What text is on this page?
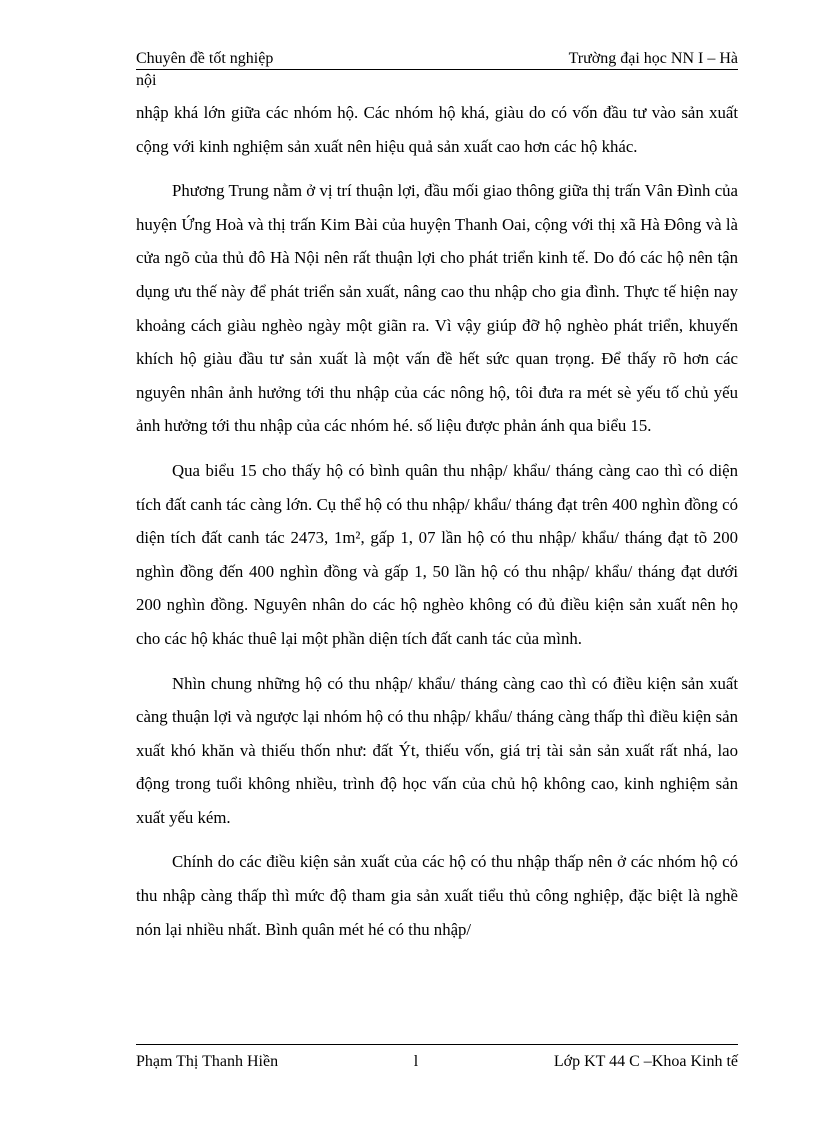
Chuyên đề tốt nghiệp	Trường đại học NN I – Hà
nội

nhập khá lớn giữa các nhóm hộ. Các nhóm hộ khá, giàu do có vốn đầu tư vào sản xuất cộng với kinh nghiệm sản xuất nên hiệu quả sản xuất cao hơn các hộ khác.

Phương Trung nằm ở vị trí thuận lợi, đầu mối giao thông giữa thị trấn Vân Đình của huyện Ứng Hoà và thị trấn Kim Bài của huyện Thanh Oai, cộng với thị xã Hà Đông và là cửa ngõ của thủ đô Hà Nội nên rất thuận lợi cho phát triển kinh tế. Do đó các hộ nên tận dụng ưu thế này để phát triển sản xuất, nâng cao thu nhập cho gia đình. Thực tế hiện nay khoảng cách giàu nghèo ngày một giãn ra. Vì vậy giúp đỡ hộ nghèo phát triển, khuyến khích hộ giàu đầu tư sản xuất là một vấn đề hết sức quan trọng. Để thấy rõ hơn các nguyên nhân ảnh hưởng tới thu nhập của các nông hộ, tôi đưa ra mét sè yếu tố chủ yếu ảnh hưởng tới thu nhập của các nhóm hé. số liệu được phản ánh qua biểu 15.

Qua biểu 15 cho thấy hộ có bình quân thu nhập/ khẩu/ tháng càng cao thì có diện tích đất canh tác càng lớn. Cụ thể hộ có thu nhập/ khẩu/ tháng đạt trên 400 nghìn đồng có diện tích đất canh tác 2473, 1m², gấp 1, 07 lần hộ có thu nhập/ khẩu/ tháng đạt tõ 200 nghìn đồng đến 400 nghìn đồng và gấp 1, 50 lần hộ có thu nhập/ khẩu/ tháng đạt dưới 200 nghìn đồng. Nguyên nhân do các hộ nghèo không có đủ điều kiện sản xuất nên họ cho các hộ khác thuê lại một phần diện tích đất canh tác của mình.

Nhìn chung những hộ có thu nhập/ khẩu/ tháng càng cao thì có điều kiện sản xuất càng thuận lợi và ngược lại nhóm hộ có thu nhập/ khẩu/ tháng càng thấp thì điều kiện sản xuất khó khăn và thiếu thốn như: đất Ýt, thiếu vốn, giá trị tài sản sản xuất rất nhá, lao động trong tuổi không nhiều, trình độ học vấn của chủ hộ không cao, kinh nghiệm sản xuất yếu kém.

Chính do các điều kiện sản xuất của các hộ có thu nhập thấp nên ở các nhóm hộ có thu nhập càng thấp thì mức độ tham gia sản xuất tiểu thủ công nghiệp, đặc biệt là nghề nón lại nhiều nhất. Bình quân mét hé có thu nhập/

Phạm Thị Thanh Hiền	l	Lớp KT 44 C –Khoa Kinh tế
